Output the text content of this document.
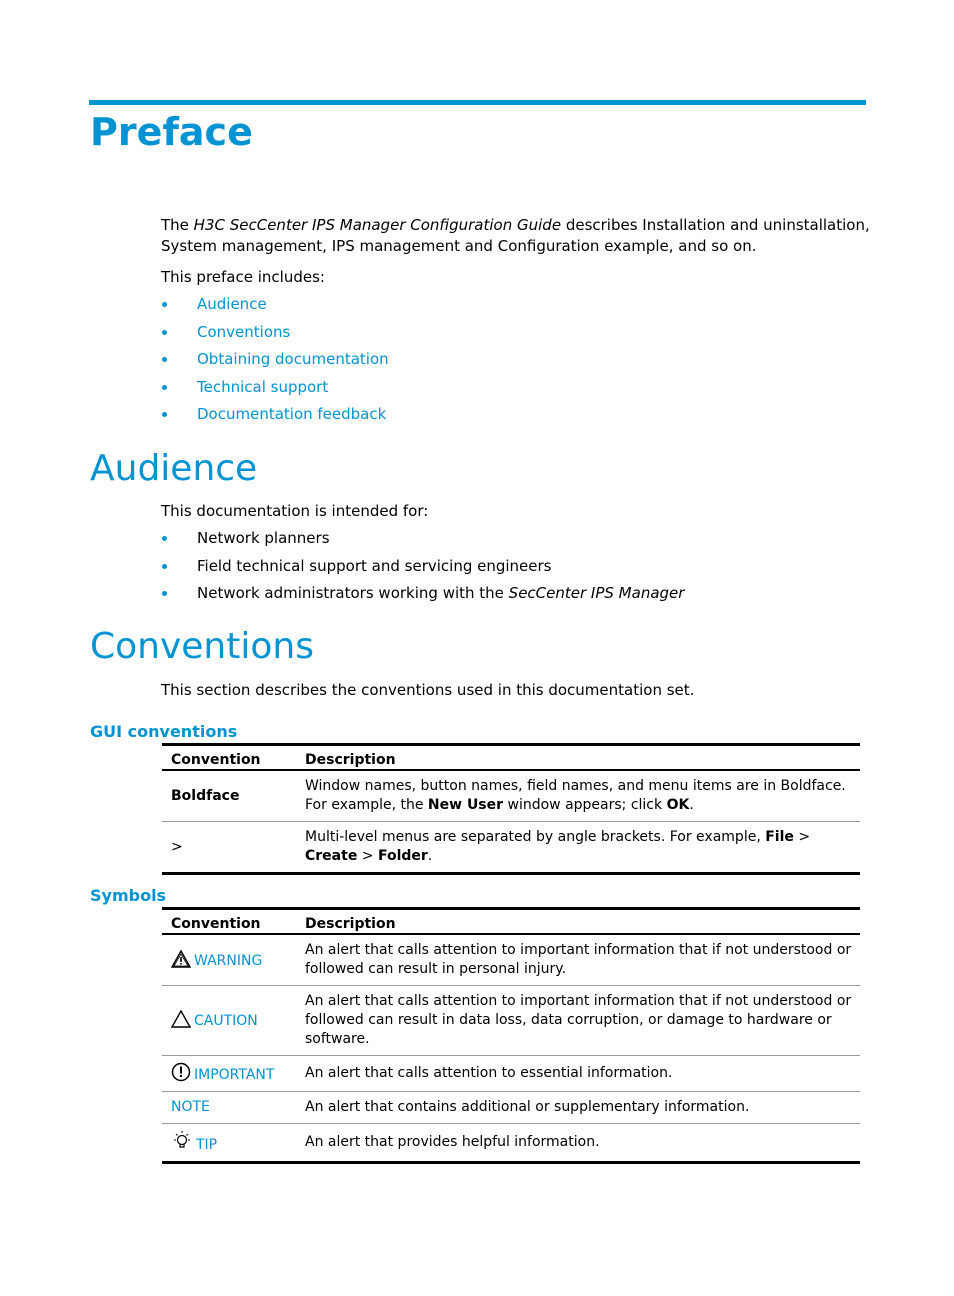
Preface

The H3C SecCenter IPS Manager Configuration Guide describes Installation and uninstallation, System management, IPS management and Configuration example, and so on.

This preface includes:

Audience
Conventions
Obtaining documentation
Technical support
Documentation feedback
Audience

This documentation is intended for:

Network planners
Field technical support and servicing engineers
Network administrators working with the SecCenter IPS Manager
Conventions

This section describes the conventions used in this documentation set.

GUI conventions
Convention	Description
Boldface	Window names, button names, field names, and menu items are in Boldface. For example, the New User window appears; click OK.
>	Multi-level menus are separated by angle brackets. For example, File > Create > Folder.
Symbols
Convention	Description
WARNING	An alert that calls attention to important information that if not understood or followed can result in personal injury.
CAUTION	An alert that calls attention to important information that if not understood or followed can result in data loss, data corruption, or damage to hardware or software.
IMPORTANT	An alert that calls attention to essential information.
NOTE	An alert that contains additional or supplementary information.
TIP	An alert that provides helpful information.
